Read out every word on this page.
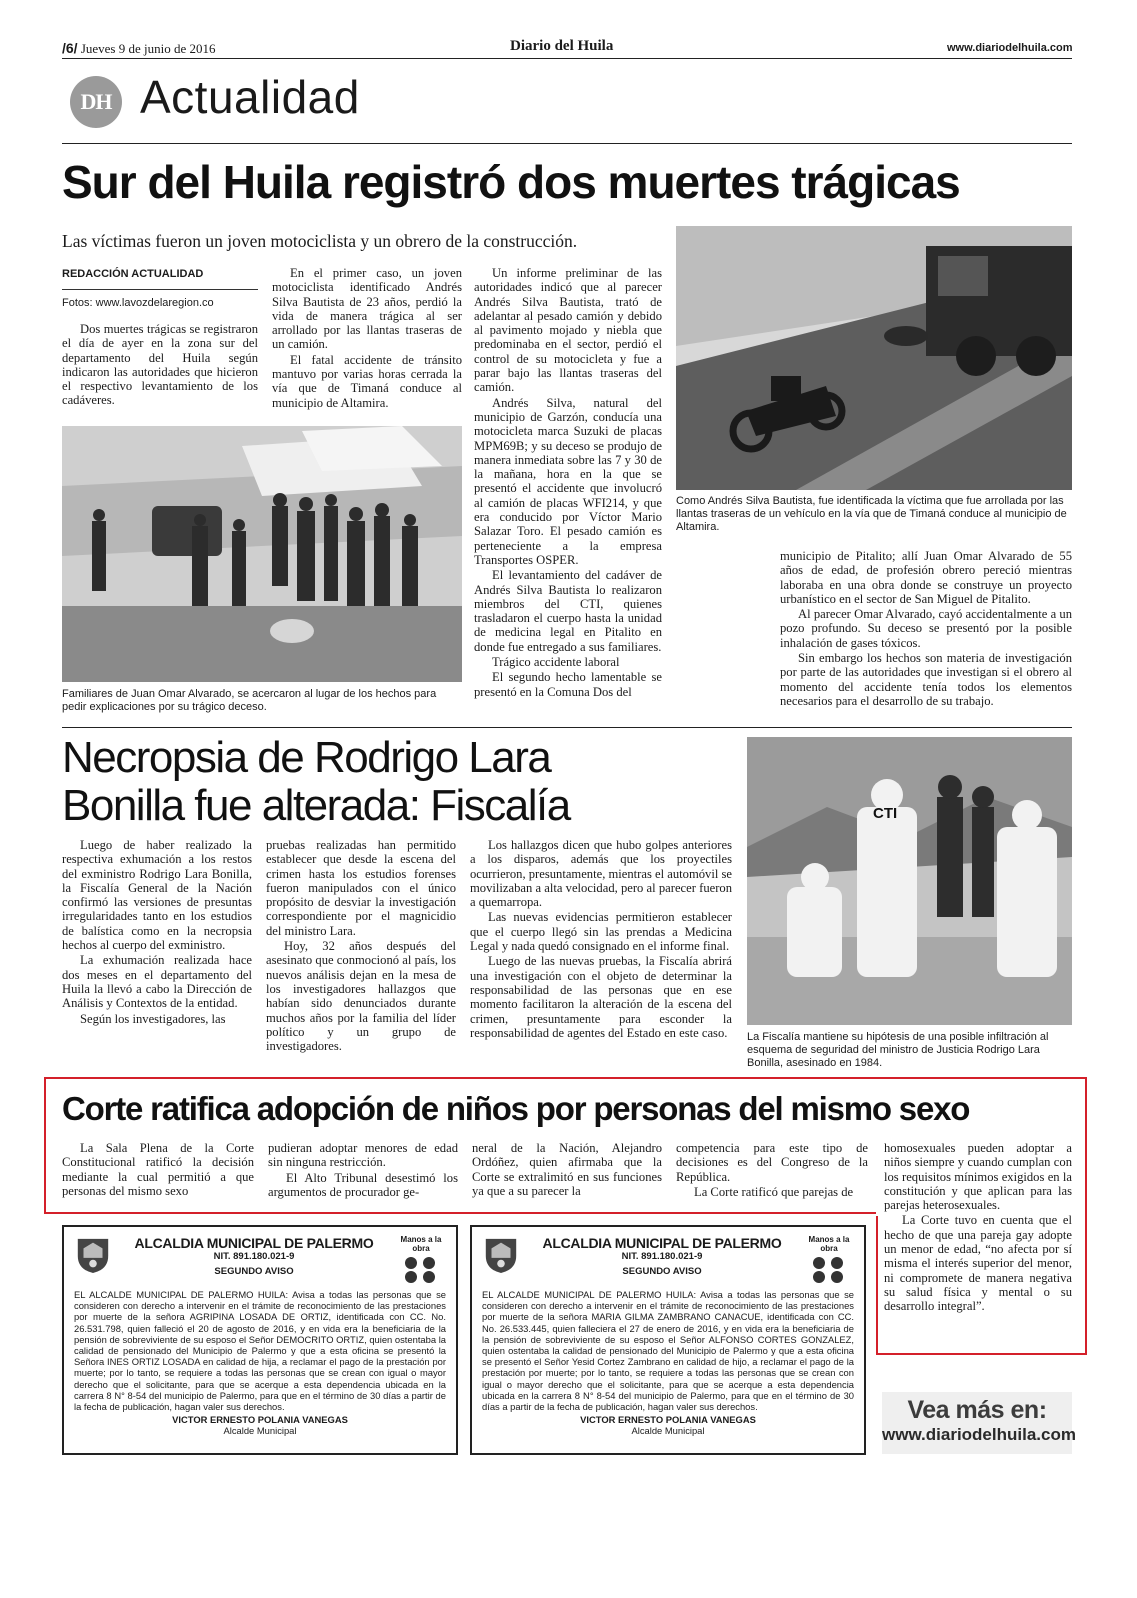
/6/ Jueves 9 de junio de 2016	Diario del Huila	www.diariodelhuila.com
DH Actualidad
Sur del Huila registró dos muertes trágicas
Las víctimas fueron un joven motociclista y un obrero de la construcción.
REDACCIÓN ACTUALIDAD
Fotos: www.lavozdelaregion.co

Dos muertes trágicas se registraron el día de ayer en la zona sur del departamento del Huila según indicaron las autoridades que hicieron el respectivo levantamiento de los cadáveres.

En el primer caso, un joven motociclista identificado Andrés Silva Bautista de 23 años, perdió la vida de manera trágica al ser arrollado por las llantas traseras de un camión.

El fatal accidente de tránsito mantuvo por varias horas cerrada la vía que de Timaná conduce al municipio de Altamira.

Un informe preliminar de las autoridades indicó que al parecer Andrés Silva Bautista, trató de adelantar al pesado camión y debido al pavimento mojado y niebla que predominaba en el sector, perdió el control de su motocicleta y fue a parar bajo las llantas traseras del camión.

Andrés Silva, natural del municipio de Garzón, conducía una motocicleta marca Suzuki de placas MPM69B; y su deceso se produjo de manera inmediata sobre las 7 y 30 de la mañana, hora en la que se presentó el accidente que involucró al camión de placas WFI214, y que era conducido por Víctor Mario Salazar Toro. El pesado camión es perteneciente a la empresa Transportes OSPER.

El levantamiento del cadáver de Andrés Silva Bautista lo realizaron miembros del CTI, quienes trasladaron el cuerpo hasta la unidad de medicina legal en Pitalito en donde fue entregado a sus familiares.

Trágico accidente laboral

El segundo hecho lamentable se presentó en la Comuna Dos del

Familiares de Juan Omar Alvarado, se acercaron al lugar de los hechos para pedir explicaciones por su trágico deceso.
Como Andrés Silva Bautista, fue identificada la víctima que fue arrollada por las llantas traseras de un vehículo en la vía que de Timaná conduce al municipio de Altamira.

municipio de Pitalito; allí Juan Omar Alvarado de 55 años de edad, de profesión obrero pereció mientras laboraba en una obra donde se construye un proyecto urbanístico en el sector de San Miguel de Pitalito.

Al parecer Omar Alvarado, cayó accidentalmente a un pozo profundo. Su deceso se presentó por la posible inhalación de gases tóxicos.

Sin embargo los hechos son materia de investigación por parte de las autoridades que investigan si el obrero al momento del accidente tenía todos los elementos necesarios para el desarrollo de su trabajo.

Necropsia de Rodrigo Lara
Bonilla fue alterada: Fiscalía

Luego de haber realizado la respectiva exhumación a los restos del exministro Rodrigo Lara Bonilla, la Fiscalía General de la Nación confirmó las versiones de presuntas irregularidades tanto en los estudios de balística como en la necropsia hechos al cuerpo del exministro.

La exhumación realizada hace dos meses en el departamento del Huila la llevó a cabo la Dirección de Análisis y Contextos de la entidad.

Según los investigadores, las

pruebas realizadas han permitido establecer que desde la escena del crimen hasta los estudios forenses fueron manipulados con el único propósito de desviar la investigación correspondiente por el magnicidio del ministro Lara.

Hoy, 32 años después del asesinato que conmocionó al país, los nuevos análisis dejan en la mesa de los investigadores hallazgos que habían sido denunciados durante muchos años por la familia del líder político y un grupo de investigadores.

Los hallazgos dicen que hubo golpes anteriores a los disparos, además que los proyectiles ocurrieron, presuntamente, mientras el automóvil se movilizaban a alta velocidad, pero al parecer fueron a quemarropa.

Las nuevas evidencias permitieron establecer que el cuerpo llegó sin las prendas a Medicina Legal y nada quedó consignado en el informe final.

Luego de las nuevas pruebas, la Fiscalía abrirá una investigación con el objeto de determinar la responsabilidad de las personas que en ese momento facilitaron la alteración de la escena del crimen, presuntamente para esconder la responsabilidad de agentes del Estado en este caso.

CTI
La Fiscalía mantiene su hipótesis de una posible infiltración al esquema de seguridad del ministro de Justicia Rodrigo Lara Bonilla, asesinado en 1984.
Corte ratifica adopción de niños por personas del mismo sexo

La Sala Plena de la Corte Constitucional ratificó la decisión mediante la cual permitió a que personas del mismo sexo

pudieran adoptar menores de edad sin ninguna restricción.

El Alto Tribunal desestimó los argumentos de procurador ge-

neral de la Nación, Alejandro Ordóñez, quien afirmaba que la Corte se extralimitó en sus funciones ya que a su parecer la

competencia para este tipo de decisiones es del Congreso de la República.

La Corte ratificó que parejas de

homosexuales pueden adoptar a niños siempre y cuando cumplan con los requisitos mínimos exigidos en la constitución y que aplican para las parejas heterosexuales.

La Corte tuvo en cuenta que el hecho de que una pareja gay adopte un menor de edad, “no afecta por sí misma el interés superior del menor, ni compromete de manera negativa su salud física y mental o su desarrollo integral”.

ALCALDIA MUNICIPAL DE PALERMO
NIT. 891.180.021-9
SEGUNDO AVISO
Manos a la obra
EL ALCALDE MUNICIPAL DE PALERMO HUILA: Avisa a todas las personas que se consideren con derecho a intervenir en el trámite de reconocimiento de las prestaciones por muerte de la señora AGRIPINA LOSADA DE ORTIZ, identificada con CC. No. 26.531.798, quien falleció el 20 de agosto de 2016, y en vida era la beneficiaria de la pensión de sobreviviente de su esposo el Señor DEMOCRITO ORTIZ, quien ostentaba la calidad de pensionado del Municipio de Palermo y que a esta oficina se presentó la Señora INES ORTIZ LOSADA en calidad de hija, a reclamar el pago de la prestación por muerte; por lo tanto, se requiere a todas las personas que se crean con igual o mayor derecho que el solicitante, para que se acerque a esta dependencia ubicada en la carrera 8 N° 8-54 del municipio de Palermo, para que en el término de 30 días a partir de la fecha de publicación, hagan valer sus derechos.
VICTOR ERNESTO POLANIA VANEGAS
Alcalde Municipal
ALCALDIA MUNICIPAL DE PALERMO
NIT. 891.180.021-9
SEGUNDO AVISO
Manos a la obra
EL ALCALDE MUNICIPAL DE PALERMO HUILA: Avisa a todas las personas que se consideren con derecho a intervenir en el trámite de reconocimiento de las prestaciones por muerte de la señora MARIA GILMA ZAMBRANO CANACUE, identificada con CC. No. 26.533.445, quien falleciera el 27 de enero de 2016, y en vida era la beneficiaria de la pensión de sobreviviente de su esposo el Señor ALFONSO CORTES GONZALEZ, quien ostentaba la calidad de pensionado del Municipio de Palermo y que a esta oficina se presentó el Señor Yesid Cortez Zambrano en calidad de hijo, a reclamar el pago de la prestación por muerte; por lo tanto, se requiere a todas las personas que se crean con igual o mayor derecho que el solicitante, para que se acerque a esta dependencia ubicada en la carrera 8 N° 8-54 del municipio de Palermo, para que en el término de 30 días a partir de la fecha de publicación, hagan valer sus derechos.
VICTOR ERNESTO POLANIA VANEGAS
Alcalde Municipal
Vea más en:
www.diariodelhuila.com
